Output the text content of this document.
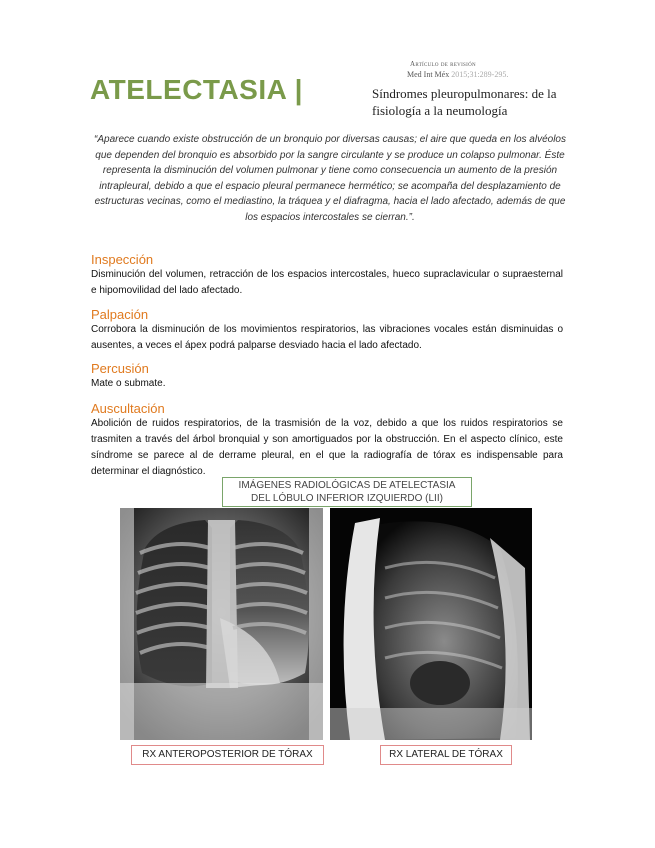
Artículo de revisión
Med Int Méx 2015;31:289-295.
ATELECTASIA |	Síndromes pleuropulmonares: de la
fisiología a la neumología
“Aparece cuando existe obstrucción de un bronquio por diversas causas; el aire que queda en los alvéolos que dependen del bronquio es absorbido por la sangre circulante y se produce un colapso pulmonar. Éste representa la disminución del volumen pulmonar y tiene como consecuencia un aumento de la presión intrapleural, debido a que el espacio pleural permanece hermético; se acompaña del desplazamiento de estructuras vecinas, como el mediastino, la tráquea y el diafragma, hacia el lado afectado, además de que los espacios intercostales se cierran.”.
Inspección
Disminución del volumen, retracción de los espacios intercostales, hueco supraclavicular o supraesternal e hipomovilidad del lado afectado.
Palpación
Corrobora la disminución de los movimientos respiratorios, las vibraciones vocales están disminuidas o ausentes, a veces el ápex podrá palparse desviado hacia el lado afectado.
Percusión
Mate o submate.
Auscultación
Abolición de ruidos respiratorios, de la trasmisión de la voz, debido a que los ruidos respiratorios se trasmiten a través del árbol bronquial y son amortiguados por la obstrucción. En el aspecto clínico, este síndrome se parece al de derrame pleural, en el que la radiografía de tórax es indispensable para determinar el diagnóstico.
IMÁGENES RADIOLÓGICAS DE ATELECTASIA
DEL LÓBULO INFERIOR IZQUIERDO (LII)
RX ANTEROPOSTERIOR DE TÓRAX	RX LATERAL DE TÓRAX
